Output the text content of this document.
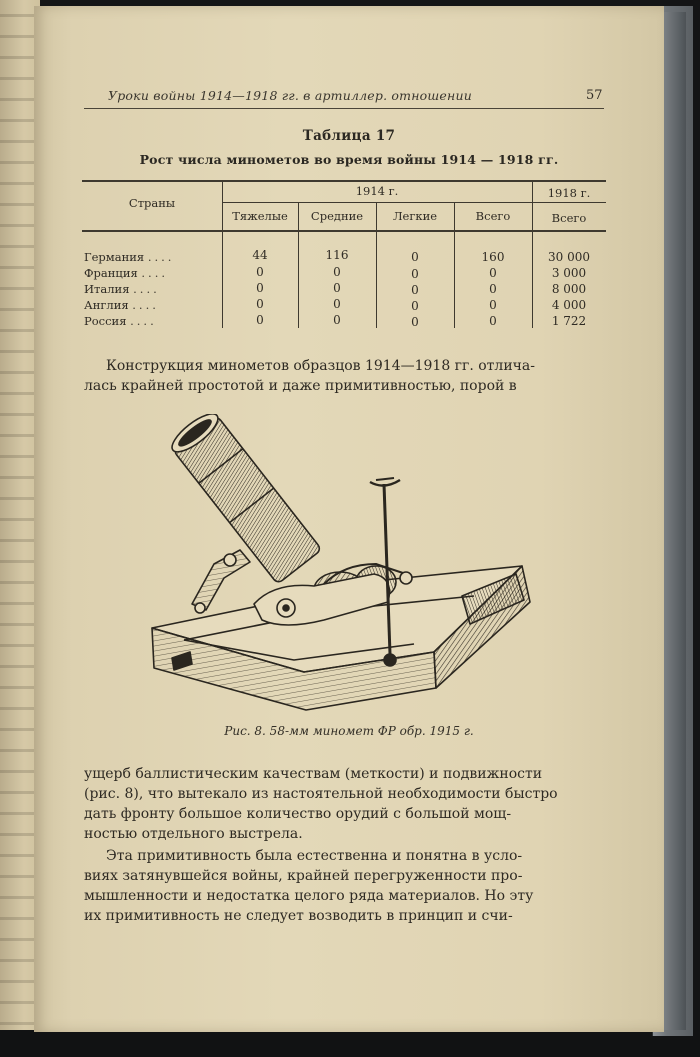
Уроки войны 1914—1918 гг. в артиллер. отношении	57
Таблица 17
Рост числа минометов во время войны 1914 — 1918 гг.
Страны
1914 г.	1918 г.
Тяжелые	Средние	Легкие	Всего	Всего
Германия ....	44	116	0	160	30 000
Франция ....	0	0	0	0	3 000
Италия ....	0	0	0	0	8 000
Англия ....	0	0	0	0	4 000
Россия ....	0	0	0	0	1 722
Конструкция минометов образцов 1914—1918 гг. отлича-
лась крайней простотой и даже примитивностью, порой в
Рис. 8. 58-мм миномет ФР обр. 1915 г.
ущерб баллистическим качествам (меткости) и подвижности
(рис. 8), что вытекало из настоятельной необходимости быстро
дать фронту большое количество орудий с большой мощ-
ностью отдельного выстрела.
Эта примитивность была естественна и понятна в усло-
виях затянувшейся войны, крайней перегруженности про-
мышленности и недостатка целого ряда материалов. Но эту
их примитивность не следует возводить в принцип и счи-
